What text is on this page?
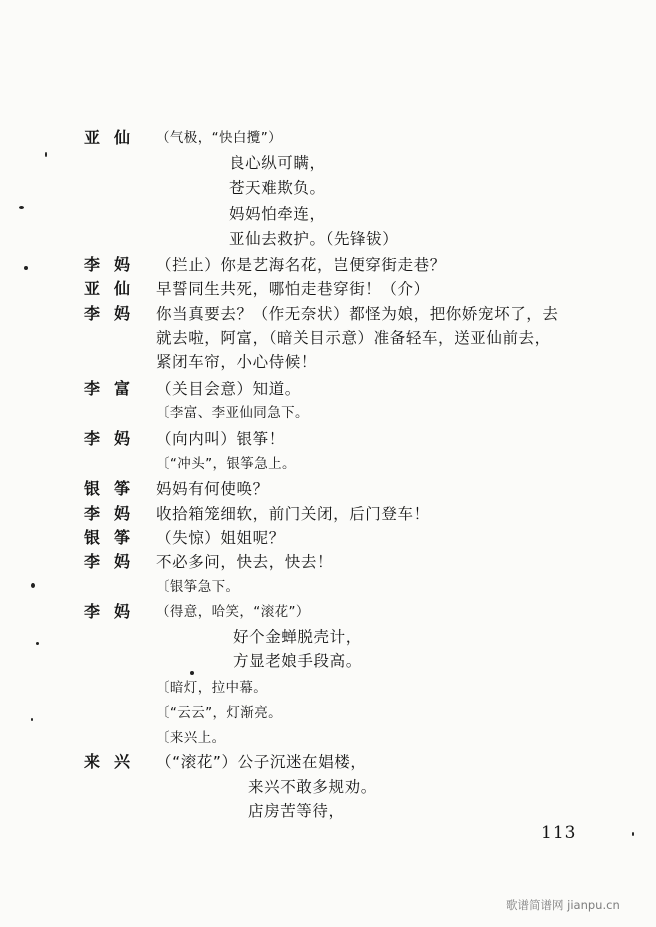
亚仙 （气极，“快白攬”）
良心纵可瞒，
苍天难欺负。
妈妈怕牵连，
亚仙去救护。（先锋钹）
李妈 （拦止）你是艺海名花，岂便穿街走巷？
亚仙 早誓同生共死，哪怕走巷穿街！（介）
李妈 你当真要去？（作无奈状）都怪为娘，把你娇宠坏了，去
就去啦，阿富，（暗关目示意）准备轻车，送亚仙前去，
紧闭车帘，小心侍候！
李富 （关目会意）知道。
〔李富、李亚仙同急下。
李妈 （向内叫）银筝！
〔“冲头”，银筝急上。
银筝 妈妈有何使唤？
李妈 收拾箱笼细软，前门关闭，后门登车！
银筝 （失惊）姐姐呢？
李妈 不必多问，快去，快去！
〔银筝急下。
李妈 （得意，哈笑，“滚花”）
好个金蝉脱壳计，
方显老娘手段高。
〔暗灯，拉中幕。
〔“云云”，灯渐亮。
〔来兴上。
来兴 （“滚花”）公子沉迷在娼楼，
来兴不敢多规劝。
店房苦等待，
113
歌谱简谱网 jianpu.cn
